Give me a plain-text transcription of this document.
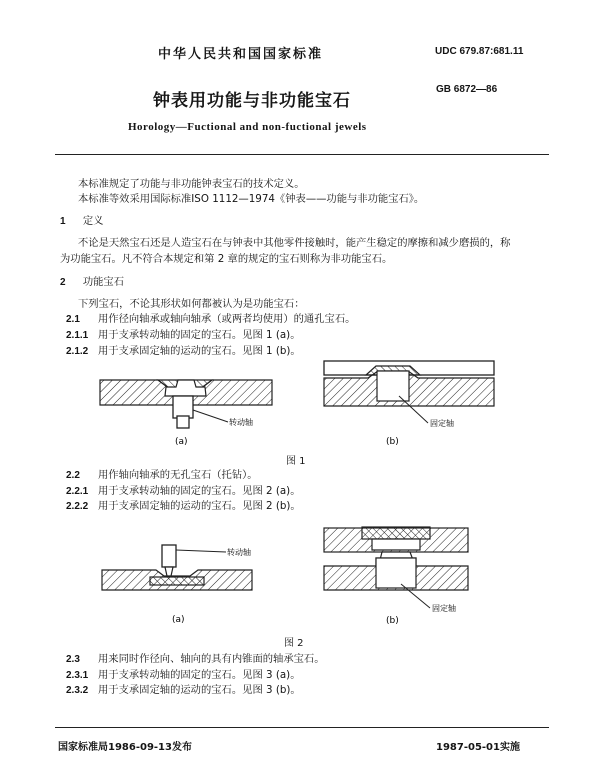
中华人民共和国国家标准	UDC 679.87:681.11
钟表用功能与非功能宝石
GB 6872—86
Horology—Fuctional and non-fuctional jewels
本标准规定了功能与非功能钟表宝石的技术定义。
本标准等效采用国际标准ISO 1112—1974《钟表——功能与非功能宝石》。
1 定义
不论是天然宝石还是人造宝石在与钟表中其他零件接触时，能产生稳定的摩擦和减少磨损的，称
为功能宝石。凡不符合本规定和第 2 章的规定的宝石则称为非功能宝石。
2 功能宝石
下列宝石，不论其形状如何都被认为是功能宝石：
2.1 用作径向轴承或轴向轴承（或两者均使用）的通孔宝石。
2.1.1 用于支承转动轴的固定的宝石。见图 1 (a)。
2.1.2 用于支承固定轴的运动的宝石。见图 1 (b)。
转动轴
(a)
固定轴
(b)
图 1
2.2 用作轴向轴承的无孔宝石（托钻）。
2.2.1 用于支承转动轴的固定的宝石。见图 2 (a)。
2.2.2 用于支承固定轴的运动的宝石。见图 2 (b)。
转动轴
(a)
固定轴
(b)
图 2
2.3 用来同时作径向、轴向的具有内锥面的轴承宝石。
2.3.1 用于支承转动轴的固定的宝石。见图 3 (a)。
2.3.2 用于支承固定轴的运动的宝石。见图 3 (b)。
国家标准局1986-09-13发布	1987-05-01实施
